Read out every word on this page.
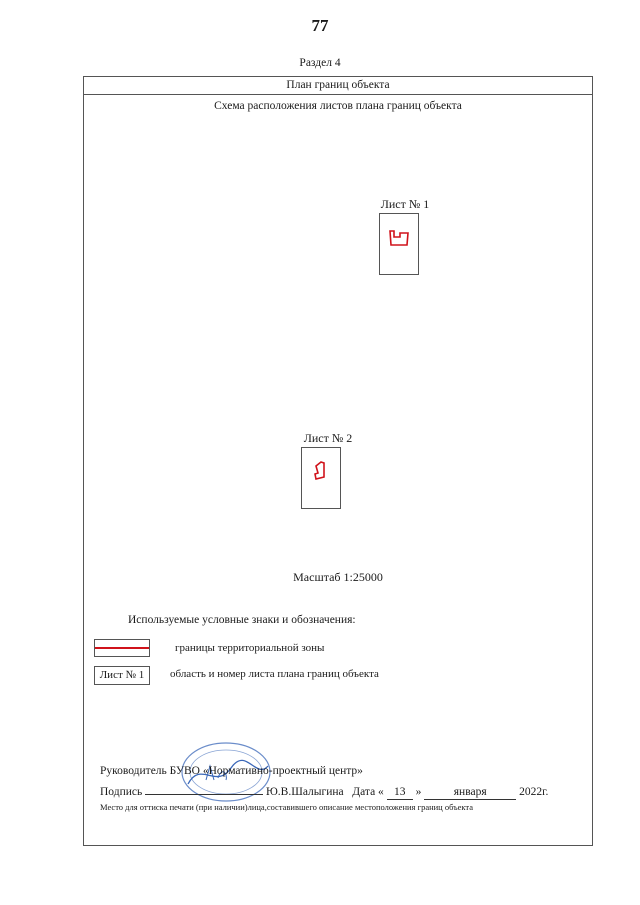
77
Раздел 4
План границ объекта
Схема расположения листов плана границ объекта
Лист № 1
Лист № 2
Масштаб 1:25000
Используемые условные знаки и обозначения:
границы территориальной зоны
Лист № 1	область и номер листа плана границ объекта
Руководитель БУВО «Нормативно-проектный центр»
Подпись	Ю.В.Шалыгина Дата « 13 »	января	2022г.
Место для оттиска печати (при наличии)лица,составившего описание местоположения границ объекта
